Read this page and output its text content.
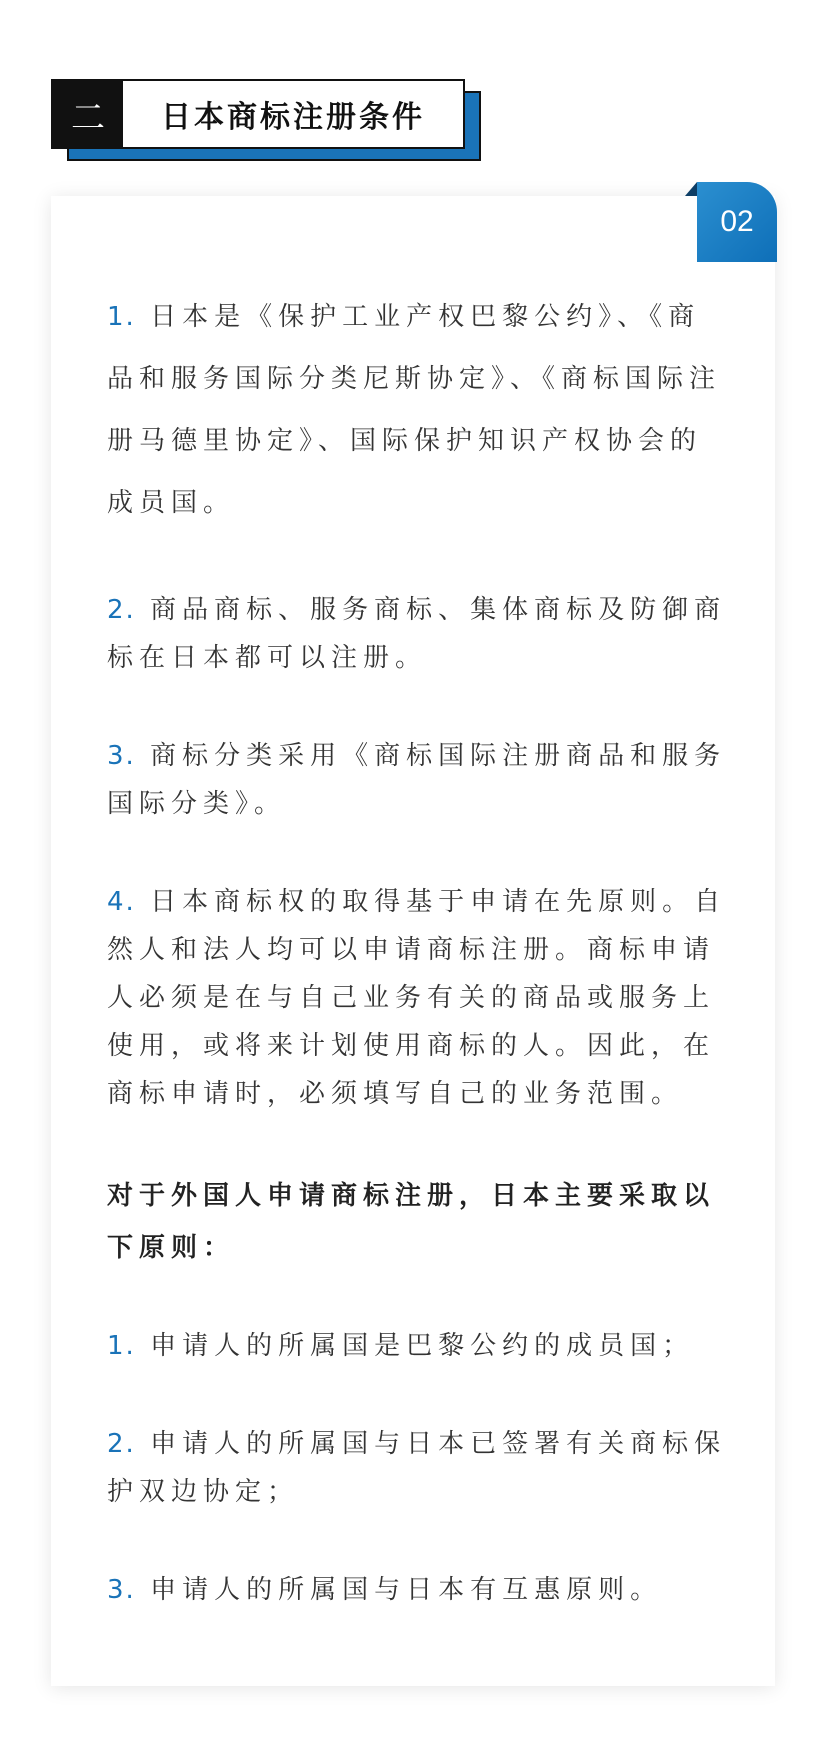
二	日本商标注册条件
02

1. 日本是《保护工业产权巴黎公约》、《商品和服务国际分类尼斯协定》、《商标国际注册马德里协定》、国际保护知识产权协会的成员国。

2. 商品商标、服务商标、集体商标及防御商标在日本都可以注册。

3. 商标分类采用《商标国际注册商品和服务国际分类》。

4. 日本商标权的取得基于申请在先原则。自然人和法人均可以申请商标注册。商标申请人必须是在与自己业务有关的商品或服务上使用，或将来计划使用商标的人。因此，在商标申请时，必须填写自己的业务范围。

对于外国人申请商标注册，日本主要采取以下原则：

1. 申请人的所属国是巴黎公约的成员国；

2. 申请人的所属国与日本已签署有关商标保护双边协定；

3. 申请人的所属国与日本有互惠原则。
